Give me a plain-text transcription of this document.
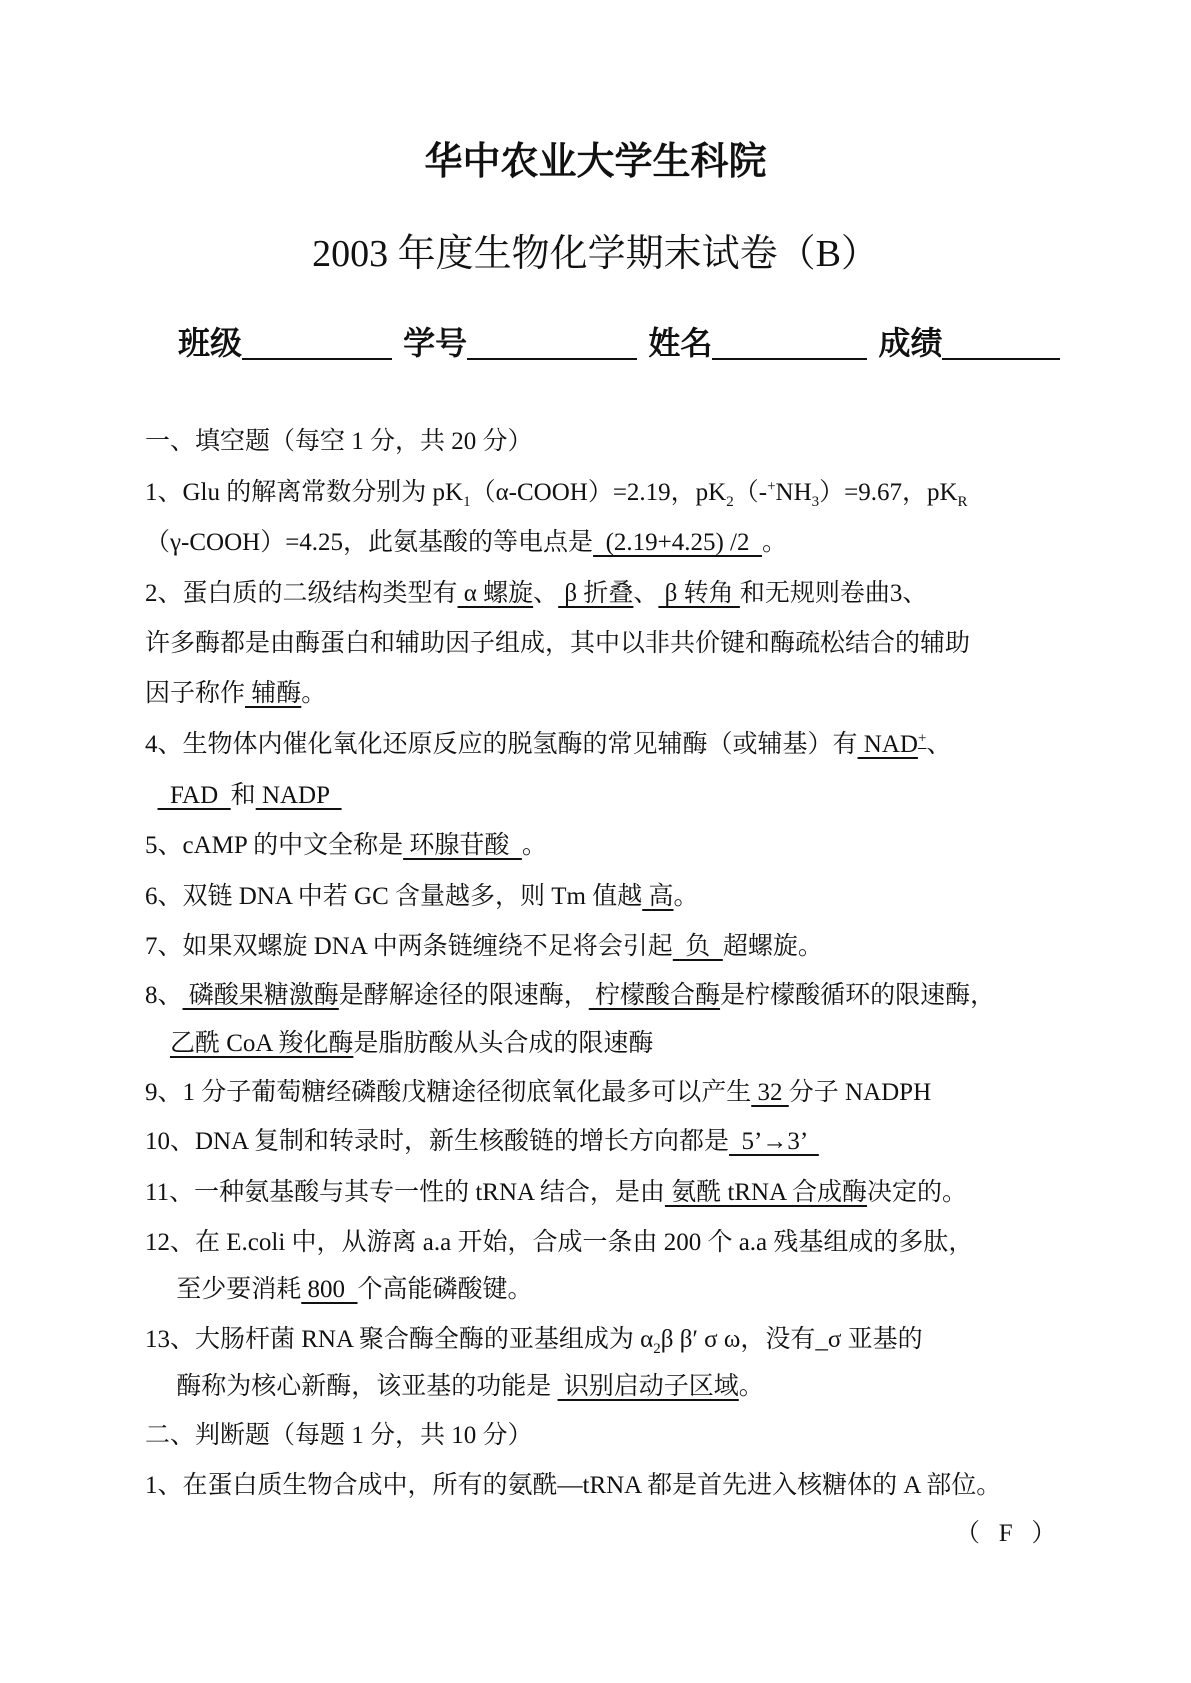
华中农业大学生科院
2003 年度生物化学期末试卷（B）
班级	学号	姓名	成绩
一、填空题（每空 1 分，共 20 分）
1、Glu 的解离常数分别为 $pK_1(\alpha-COOH)=2.19$，$pK_2(-^+NH_3)=9.67$，$pK_R$
（γ-COOH）=4.25，此氨基酸的等电点是  (2.19+4.25) /2  。
2、蛋白质的二级结构类型有 α 螺旋、 β 折叠、 β 转角 和无规则卷曲3、
许多酶都是由酶蛋白和辅助因子组成，其中以非共价键和酶疏松结合的辅助
因子称作 辅酶。
4、生物体内催化氧化还原反应的脱氢酶的常见辅酶（或辅基）有 NAD+、
FAD  和 NADP
5、cAMP 的中文全称是 环腺苷酸  。
6、双链 DNA 中若 GC 含量越多，则 Tm 值越 高。
7、如果双螺旋 DNA 中两条链缠绕不足将会引起  负  超螺旋。
8、 磷酸果糖激酶是酵解途径的限速酶， 柠檬酸合酶是柠檬酸循环的限速酶，
乙酰 CoA 羧化酶是脂肪酸从头合成的限速酶
9、1 分子葡萄糖经磷酸戊糖途径彻底氧化最多可以产生 32 分子 NADPH
10、DNA 复制和转录时，新生核酸链的增长方向都是  5’→3’
11、一种氨基酸与其专一性的 tRNA 结合，是由 氨酰 tRNA 合成酶决定的。
12、在 E.coli 中，从游离 a.a 开始，合成一条由 200 个 a.a 残基组成的多肽，
至少要消耗 800  个高能磷酸键。
13、大肠杆菌 RNA 聚合酶全酶的亚基组成为 $\alpha_2\beta$ β′ σ ω，没有_σ 亚基的
酶称为核心新酶，该亚基的功能是  识别启动子区域。
二、判断题（每题 1 分，共 10 分）
1、在蛋白质生物合成中，所有的氨酰—tRNA 都是首先进入核糖体的 A 部位。
（   F   ）
